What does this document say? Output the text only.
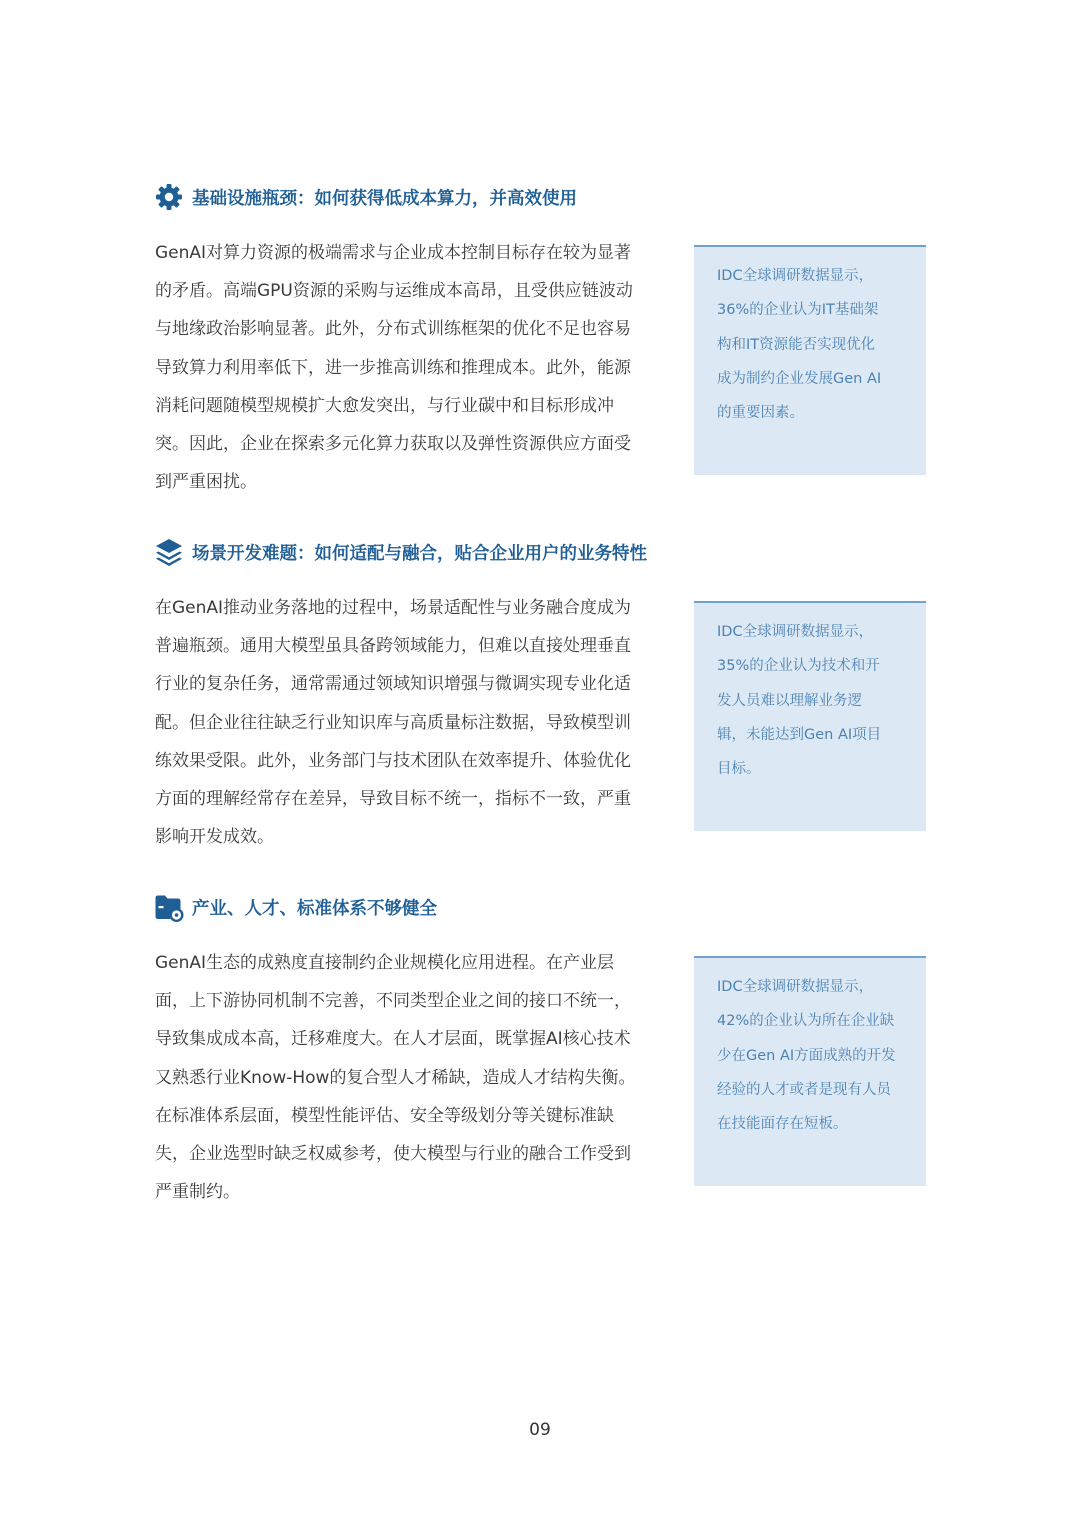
基础设施瓶颈：如何获得低成本算力，并高效使用
GenAI对算力资源的极端需求与企业成本控制目标存在较为显著
的矛盾。高端GPU资源的采购与运维成本高昂，且受供应链波动
与地缘政治影响显著。此外，分布式训练框架的优化不足也容易
导致算力利用率低下，进一步推高训练和推理成本。此外，能源
消耗问题随模型规模扩大愈发突出，与行业碳中和目标形成冲
突。因此，企业在探索多元化算力获取以及弹性资源供应方面受
到严重困扰。
IDC全球调研数据显示，
36%的企业认为IT基础架
构和IT资源能否实现优化
成为制约企业发展Gen AI
的重要因素。
场景开发难题：如何适配与融合，贴合企业用户的业务特性
在GenAI推动业务落地的过程中，场景适配性与业务融合度成为
普遍瓶颈。通用大模型虽具备跨领域能力，但难以直接处理垂直
行业的复杂任务，通常需通过领域知识增强与微调实现专业化适
配。但企业往往缺乏行业知识库与高质量标注数据，导致模型训
练效果受限。此外，业务部门与技术团队在效率提升、体验优化
方面的理解经常存在差异，导致目标不统一，指标不一致，严重
影响开发成效。
IDC全球调研数据显示，
35%的企业认为技术和开
发人员难以理解业务逻
辑，未能达到Gen AI项目
目标。
产业、人才、标准体系不够健全
GenAI生态的成熟度直接制约企业规模化应用进程。在产业层
面，上下游协同机制不完善，不同类型企业之间的接口不统一，
导致集成成本高，迁移难度大。在人才层面，既掌握AI核心技术
又熟悉行业Know-How的复合型人才稀缺，造成人才结构失衡。
在标准体系层面，模型性能评估、安全等级划分等关键标准缺
失，企业选型时缺乏权威参考，使大模型与行业的融合工作受到
严重制约。
IDC全球调研数据显示，
42%的企业认为所在企业缺
少在Gen AI方面成熟的开发
经验的人才或者是现有人员
在技能面存在短板。
09
